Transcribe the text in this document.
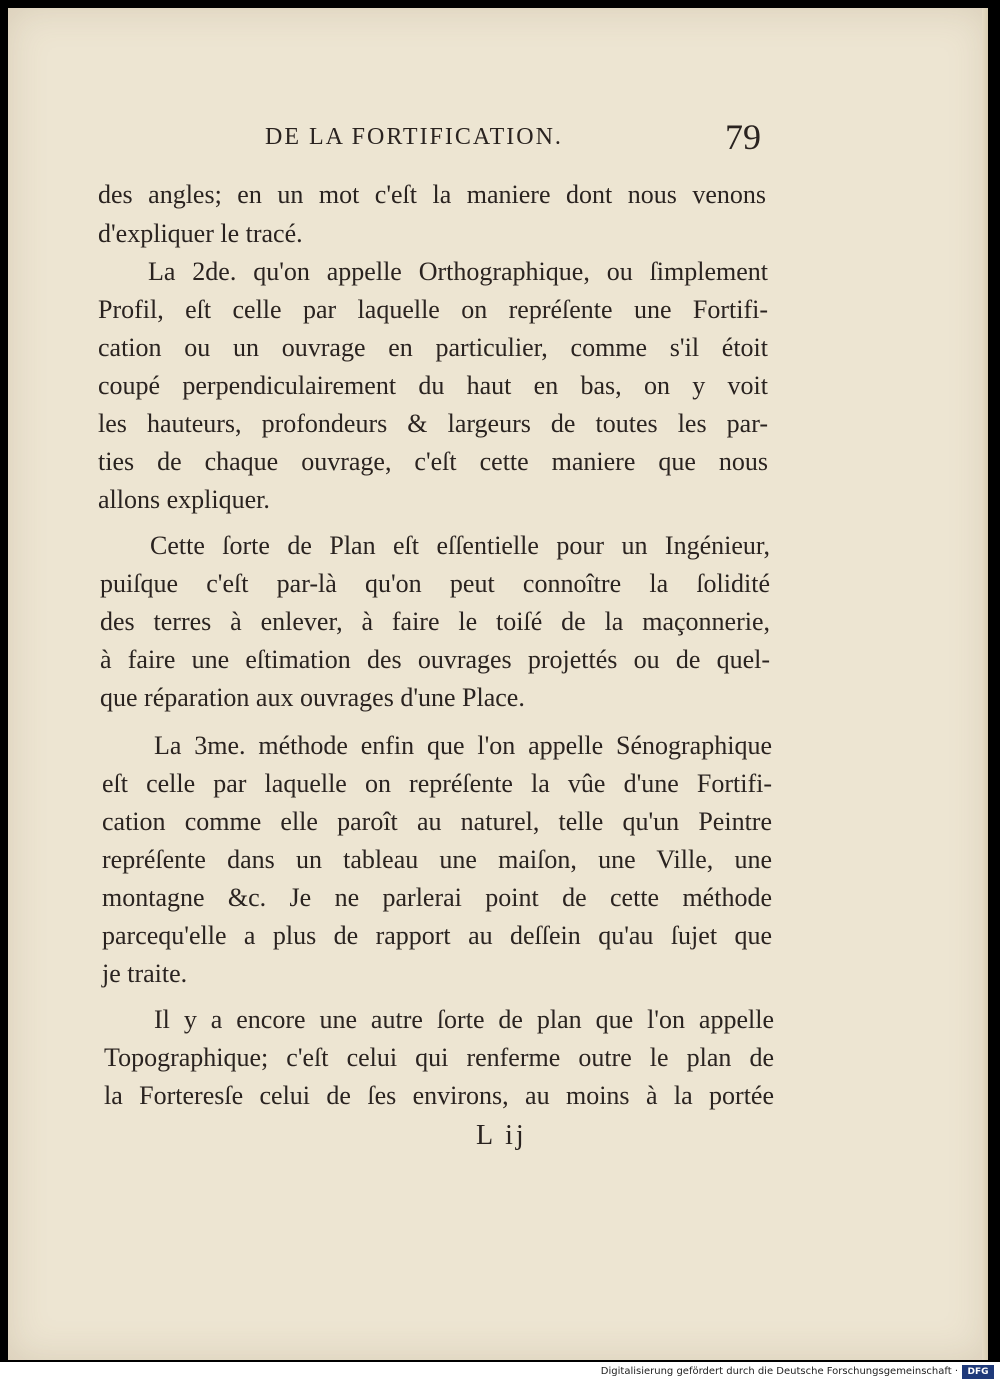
DE LA FORTIFICATION.	79
des angles; en un mot c'eſt la maniere dont nous venons
d'expliquer le tracé.
La 2de. qu'on appelle Orthographique, ou ſimplement
Profil, eſt celle par laquelle on repréſente une Fortifi-
cation ou un ouvrage en particulier, comme s'il étoit
coupé perpendiculairement du haut en bas, on y voit
les hauteurs, profondeurs & largeurs de toutes les par-
ties de chaque ouvrage, c'eſt cette maniere que nous
allons expliquer.
Cette ſorte de Plan eſt eſſentielle pour un Ingénieur,
puiſque c'eſt par-là qu'on peut connoître la ſolidité
des terres à enlever, à faire le toiſé de la maçonnerie,
à faire une eſtimation des ouvrages projettés ou de quel-
que réparation aux ouvrages d'une Place.
La 3me. méthode enfin que l'on appelle Sénographique
eſt celle par laquelle on repréſente la vûe d'une Fortifi-
cation comme elle paroît au naturel, telle qu'un Peintre
repréſente dans un tableau une maiſon, une Ville, une
montagne &c. Je ne parlerai point de cette méthode
parcequ'elle a plus de rapport au deſſein qu'au ſujet que
je traite.
Il y a encore une autre ſorte de plan que l'on appelle
Topographique; c'eſt celui qui renferme outre le plan de
la Forteresſe celui de ſes environs, au moins à la portée
L ij
Digitalisierung gefördert durch die Deutsche Forschungsgemeinschaft ·	DFG
